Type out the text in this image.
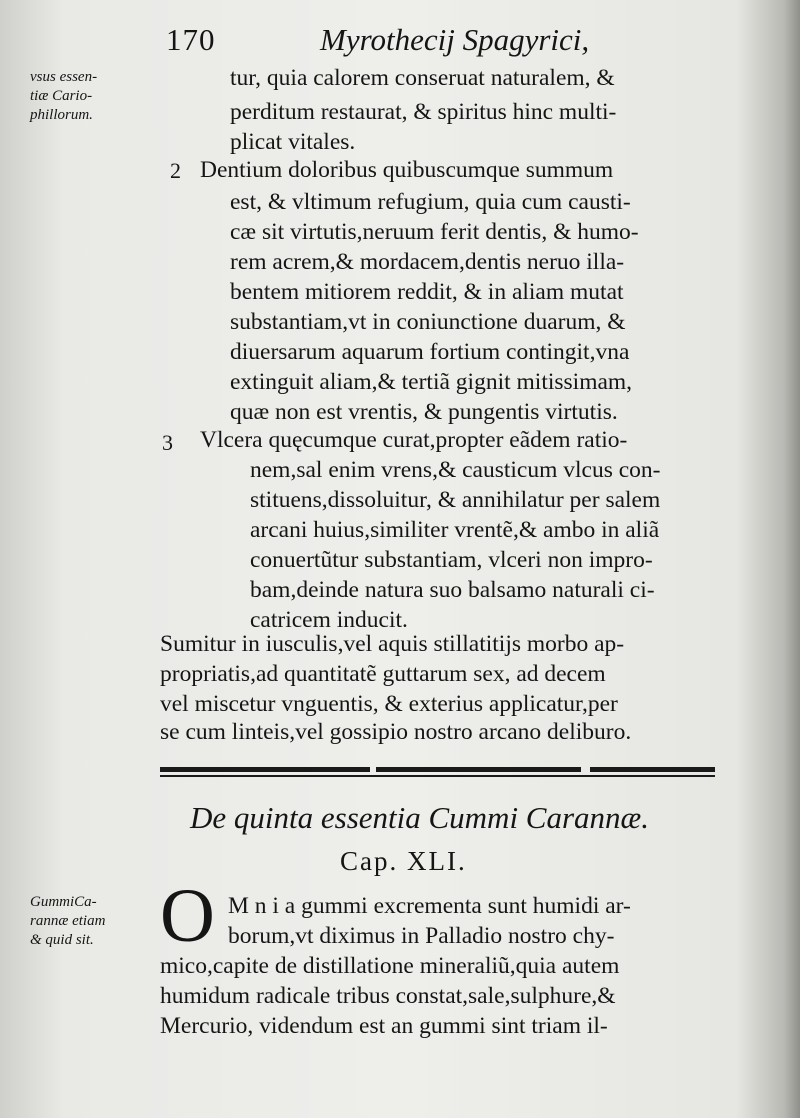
170	Myrothecij Spagyrici,
vsus essen-
tiæ Cario-
phillorum.
tur, quia calorem conseruat naturalem, &
perditum restaurat, & spiritus hinc multi-
plicat vitales.
2 Dentium doloribus quibuscumque summum
est, & vltimum refugium, quia cum causti-
cæ sit virtutis,neruum ferit dentis, & humo-
rem acrem,& mordacem,dentis neruo illa-
bentem mitiorem reddit, & in aliam mutat
substantiam,vt in coniunctione duarum, &
diuersarum aquarum fortium contingit,vna
extinguit aliam,& tertiã gignit mitissimam,
quæ non est vrentis, & pungentis virtutis.
3 Vlcera quęcumque curat,propter eãdem ratio-
nem,sal enim vrens,& causticum vlcus con-
stituens,dissoluitur, & annihilatur per salem
arcani huius,similiter vrentẽ,& ambo in aliã
conuertũtur substantiam, vlceri non impro-
bam,deinde natura suo balsamo naturali ci-
catricem inducit.
Sumitur in iusculis,vel aquis stillatitijs morbo ap-
propriatis,ad quantitatẽ guttarum sex, ad decem
vel miscetur vnguentis, & exterius applicatur,per
se cum linteis,vel gossipio nostro arcano deliburo.
De quinta essentia Cummi Carannæ.
Cap. XLI.
GummiCa-
rannæ etiam
& quid sit. O M n i a gummi excrementa sunt humidi ar-
borum,vt diximus in Palladio nostro chy-
mico,capite de distillatione mineraliũ,quia autem
humidum radicale tribus constat,sale,sulphure,&
Mercurio, videndum est an gummi sint triam il-
